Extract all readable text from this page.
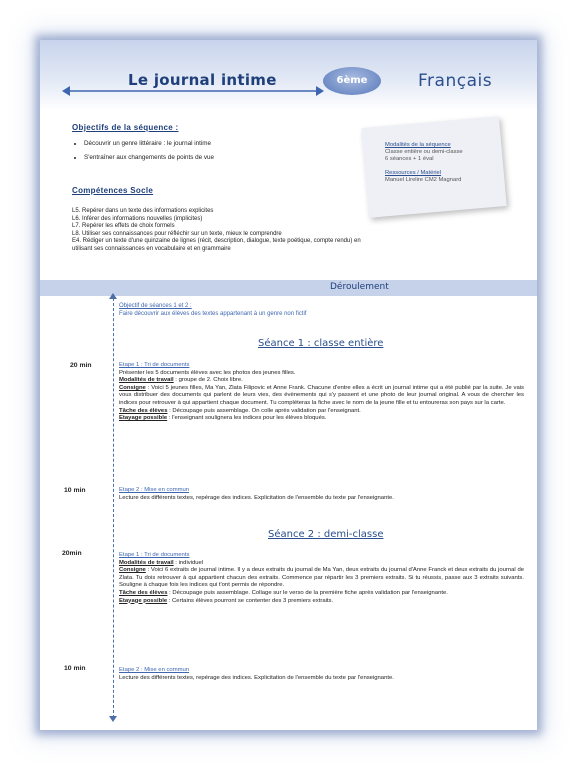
Le journal intime	6ème	Français
Objectifs de la séquence :
• Découvrir un genre littéraire : le journal intime
• S'entraîner aux changements de points de vue
Compétences Socle
L5. Repérer dans un texte des informations explicites
L6. Inférer des informations nouvelles (implicites)
L7. Repérer les effets de choix formels
L8. Utiliser ses connaissances pour réfléchir sur un texte, mieux le comprendre
E4. Rédiger un texte d'une quinzaine de lignes (récit, description, dialogue, texte poétique, compte rendu) en utilisant ses connaissances en vocabulaire et en grammaire
Modalités de la séquence
Classe entière ou demi-classe
6 séances + 1 éval
Ressources / Matériel
Manuel Lirelire CM2 Magnard
Déroulement
Objectif de séances 1 et 2 :
Faire découvrir aux élèves des textes appartenant à un genre non fictif
Séance 1 : classe entière
20 min	Etape 1 : Tri de documents
Présenter les 5 documents élèves avec les photos des jeunes filles.
Modalités de travail : groupe de 2. Choix libre.
Consigne : Voici 5 jeunes filles, Ma Yan, Zlata Filipovic et Anne Frank. Chacune d'entre elles a écrit un journal intime qui a été publié par la suite. Je vais vous distribuer des documents qui parlent de leurs vies, des évènements qui s'y passent et une photo de leur journal original. A vous de chercher les indices pour retrouver à qui appartient chaque document. Tu compléteras la fiche avec le nom de la jeune fille et tu entoureras son pays sur la carte.
Tâche des élèves : Découpage puis assemblage. On colle après validation par l'enseignant.
Etayage possible : l'enseignant soulignera les indices pour les élèves bloqués.
10 min	Etape 2 : Mise en commun
Lecture des différents textes, repérage des indices. Explicitation de l'ensemble du texte par l'enseignante.
Séance 2 : demi-classe
20min	Etape 1 : Tri de documents
Modalités de travail : individuel
Consigne : Voici 6 extraits de journal intime. Il y a deux extraits du journal de Ma Yan, deux extraits du journal d'Anne Franck et deux extraits du journal de Zlata. Tu dois retrouver à qui appartient chacun des extraits. Commence par répartir les 3 premiers extraits. Si tu réussis, passe aux 3 extraits suivants. Souligne à chaque fois les indices qui t'ont permis de répondre.
Tâche des élèves : Découpage puis assemblage. Collage sur le verso de la première fiche après validation par l'enseignante.
Etayage possible : Certains élèves pourront se contenter des 3 premiers extraits.
10 min	Etape 2 : Mise en commun
Lecture des différents textes, repérage des indices. Explicitation de l'ensemble du texte par l'enseignante.
